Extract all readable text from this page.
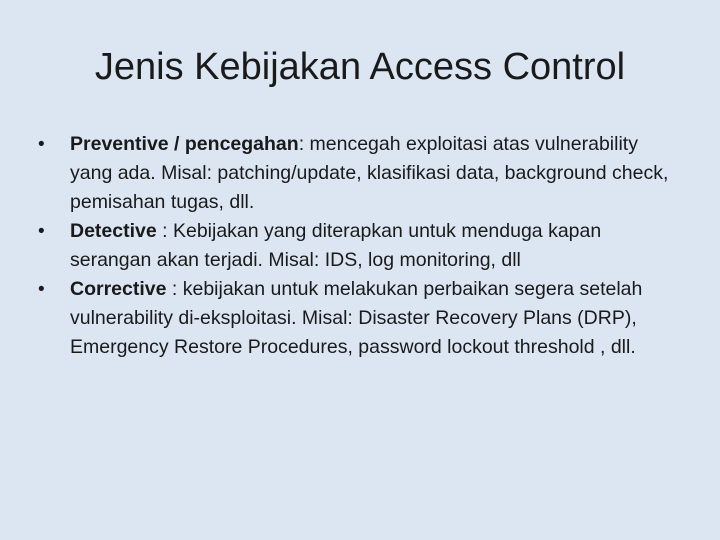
Jenis Kebijakan Access Control
•	Preventive / pencegahan: mencegah exploitasi atas vulnerability yang ada. Misal: patching/update, klasifikasi data, background check, pemisahan tugas, dll.
•	Detective : Kebijakan yang diterapkan untuk menduga kapan serangan akan terjadi. Misal: IDS, log monitoring, dll
•	Corrective : kebijakan untuk melakukan perbaikan segera setelah vulnerability di-eksploitasi. Misal: Disaster Recovery Plans (DRP), Emergency Restore Procedures, password lockout threshold , dll.
